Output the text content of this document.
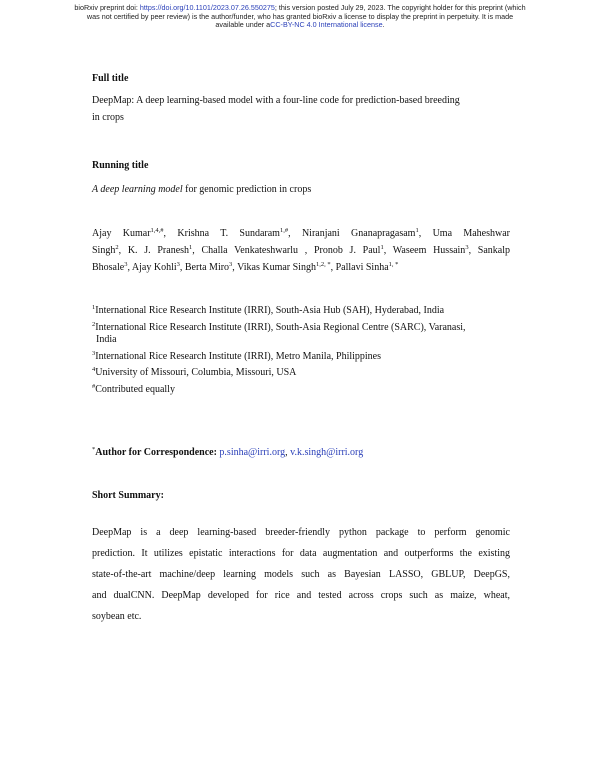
bioRxiv preprint doi: https://doi.org/10.1101/2023.07.26.550275; this version posted July 29, 2023. The copyright holder for this preprint (which
was not certified by peer review) is the author/funder, who has granted bioRxiv a license to display the preprint in perpetuity. It is made
available under aCC-BY-NC 4.0 International license.
Full title
DeepMap: A deep learning-based model with a four-line code for prediction-based breeding
in crops
Running title
A deep learning model for genomic prediction in crops
Ajay Kumar$^{1,4,\#}$, Krishna T. Sundaram$^{1,\#}$, Niranjani Gnanapragasam$^1$, Uma Maheshwar
Singh$^2$, K. J. Pranesh$^1$, Challa Venkateshwarlu , Pronob J. Paul$^1$, Waseem Hussain$^3$, Sankalp
Bhosale$^3$, Ajay Kohli$^3$, Berta Miro$^3$, Vikas Kumar Singh$^{1,2, *}$, Pallavi Sinha$^{1, *}$
$^1$International Rice Research Institute (IRRI), South-Asia Hub (SAH), Hyderabad, India
$^2$International Rice Research Institute (IRRI), South-Asia Regional Centre (SARC), Varanasi,
India
$^3$International Rice Research Institute (IRRI), Metro Manila, Philippines
$^4$University of Missouri, Columbia, Missouri, USA
#Contributed equally
*Author for Correspondence: p.sinha@irri.org, v.k.singh@irri.org
Short Summary:
DeepMap is a deep learning-based breeder-friendly python package to perform genomic
prediction. It utilizes epistatic interactions for data augmentation and outperforms the existing
state-of-the-art machine/deep learning models such as Bayesian LASSO, GBLUP, DeepGS,
and dualCNN. DeepMap developed for rice and tested across crops such as maize, wheat,
soybean etc.
